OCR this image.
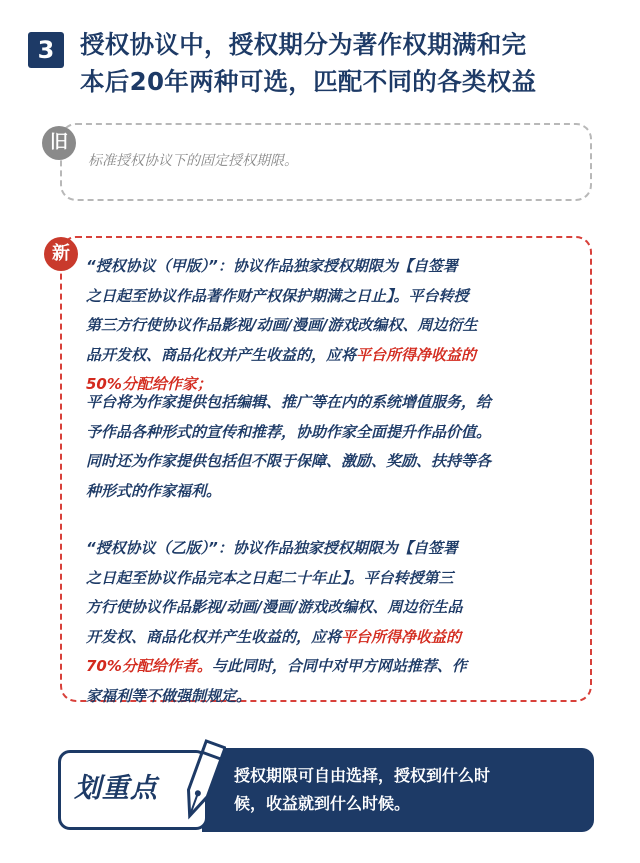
3	授权协议中，授权期分为著作权期满和完
本后20年两种可选，匹配不同的各类权益
旧
标准授权协议下的固定授权期限。
新
“授权协议（甲版）”：协议作品独家授权期限为【自签署
之日起至协议作品著作财产权保护期满之日止】。平台转授
第三方行使协议作品影视/动画/漫画/游戏改编权、周边衍生
品开发权、商品化权并产生收益的，应将平台所得净收益的
50%分配给作家；
平台将为作家提供包括编辑、推广等在内的系统增值服务，给
予作品各种形式的宣传和推荐，协助作家全面提升作品价值。
同时还为作家提供包括但不限于保障、激励、奖励、扶持等各
种形式的作家福利。
“授权协议（乙版）”：协议作品独家授权期限为【自签署
之日起至协议作品完本之日起二十年止】。平台转授第三
方行使协议作品影视/动画/漫画/游戏改编权、周边衍生品
开发权、商品化权并产生收益的，应将平台所得净收益的
70%分配给作者。与此同时，合同中对甲方网站推荐、作
家福利等不做强制规定。
划重点	授权期限可自由选择，授权到什么时
候，收益就到什么时候。
